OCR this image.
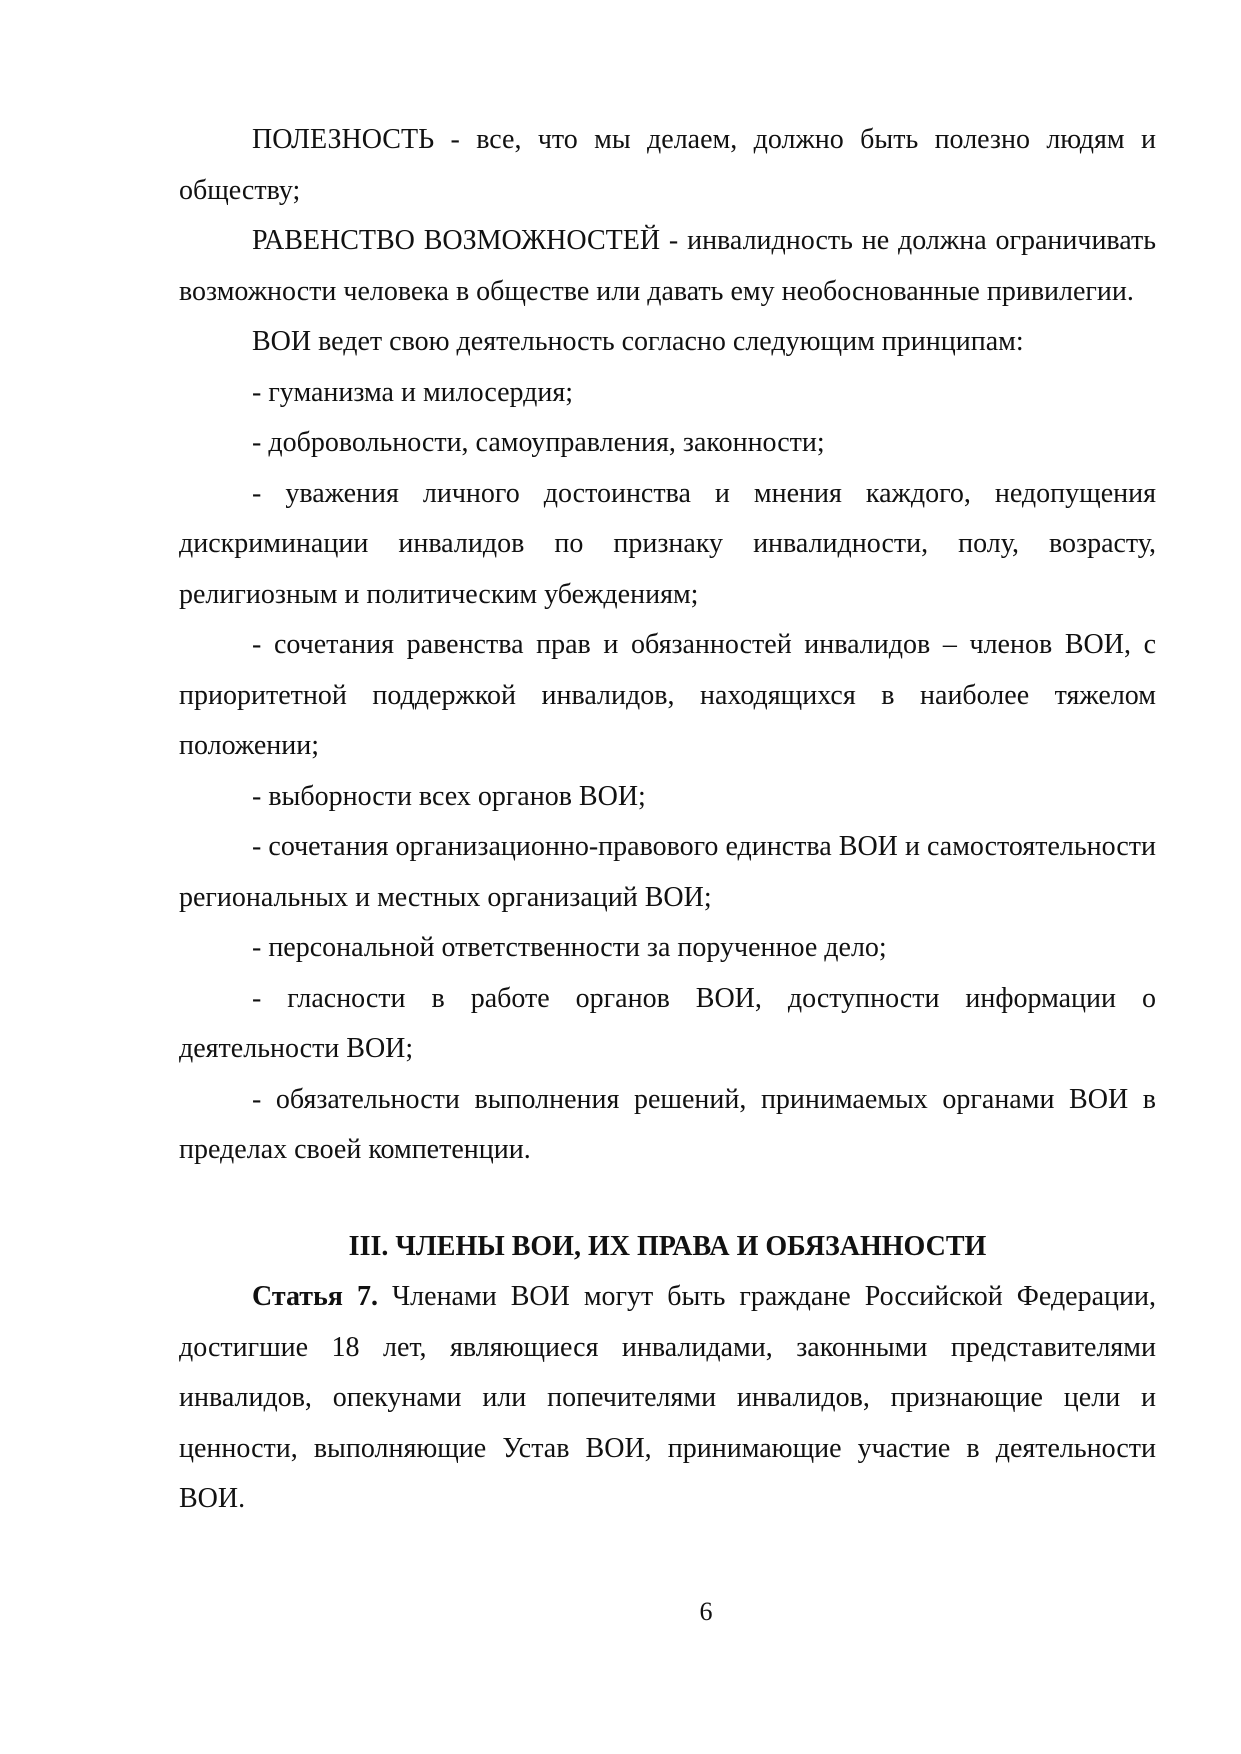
ПОЛЕЗНОСТЬ - все, что мы делаем, должно быть полезно людям и обществу;

РАВЕНСТВО ВОЗМОЖНОСТЕЙ - инвалидность не должна ограничивать возможности человека в обществе или давать ему необоснованные привилегии.

ВОИ ведет свою деятельность согласно следующим принципам:

- гуманизма и милосердия;

- добровольности, самоуправления, законности;

- уважения личного достоинства и мнения каждого, недопущения дискриминации инвалидов по признаку инвалидности, полу, возрасту, религиозным и политическим убеждениям;

- сочетания равенства прав и обязанностей инвалидов – членов ВОИ, с приоритетной поддержкой инвалидов, находящихся в наиболее тяжелом положении;

- выборности всех органов ВОИ;

- сочетания организационно-правового единства ВОИ и самостоятельности региональных и местных организаций ВОИ;

- персональной ответственности за порученное дело;

- гласности в работе органов ВОИ, доступности информации о деятельности ВОИ;

- обязательности выполнения решений, принимаемых органами ВОИ в пределах своей компетенции.

III. ЧЛЕНЫ ВОИ, ИХ ПРАВА И ОБЯЗАННОСТИ

Статья 7. Членами ВОИ могут быть граждане Российской Федерации, достигшие 18 лет, являющиеся инвалидами, законными представителями инвалидов, опекунами или попечителями инвалидов, признающие цели и ценности, выполняющие Устав ВОИ, принимающие участие в деятельности ВОИ.

6
